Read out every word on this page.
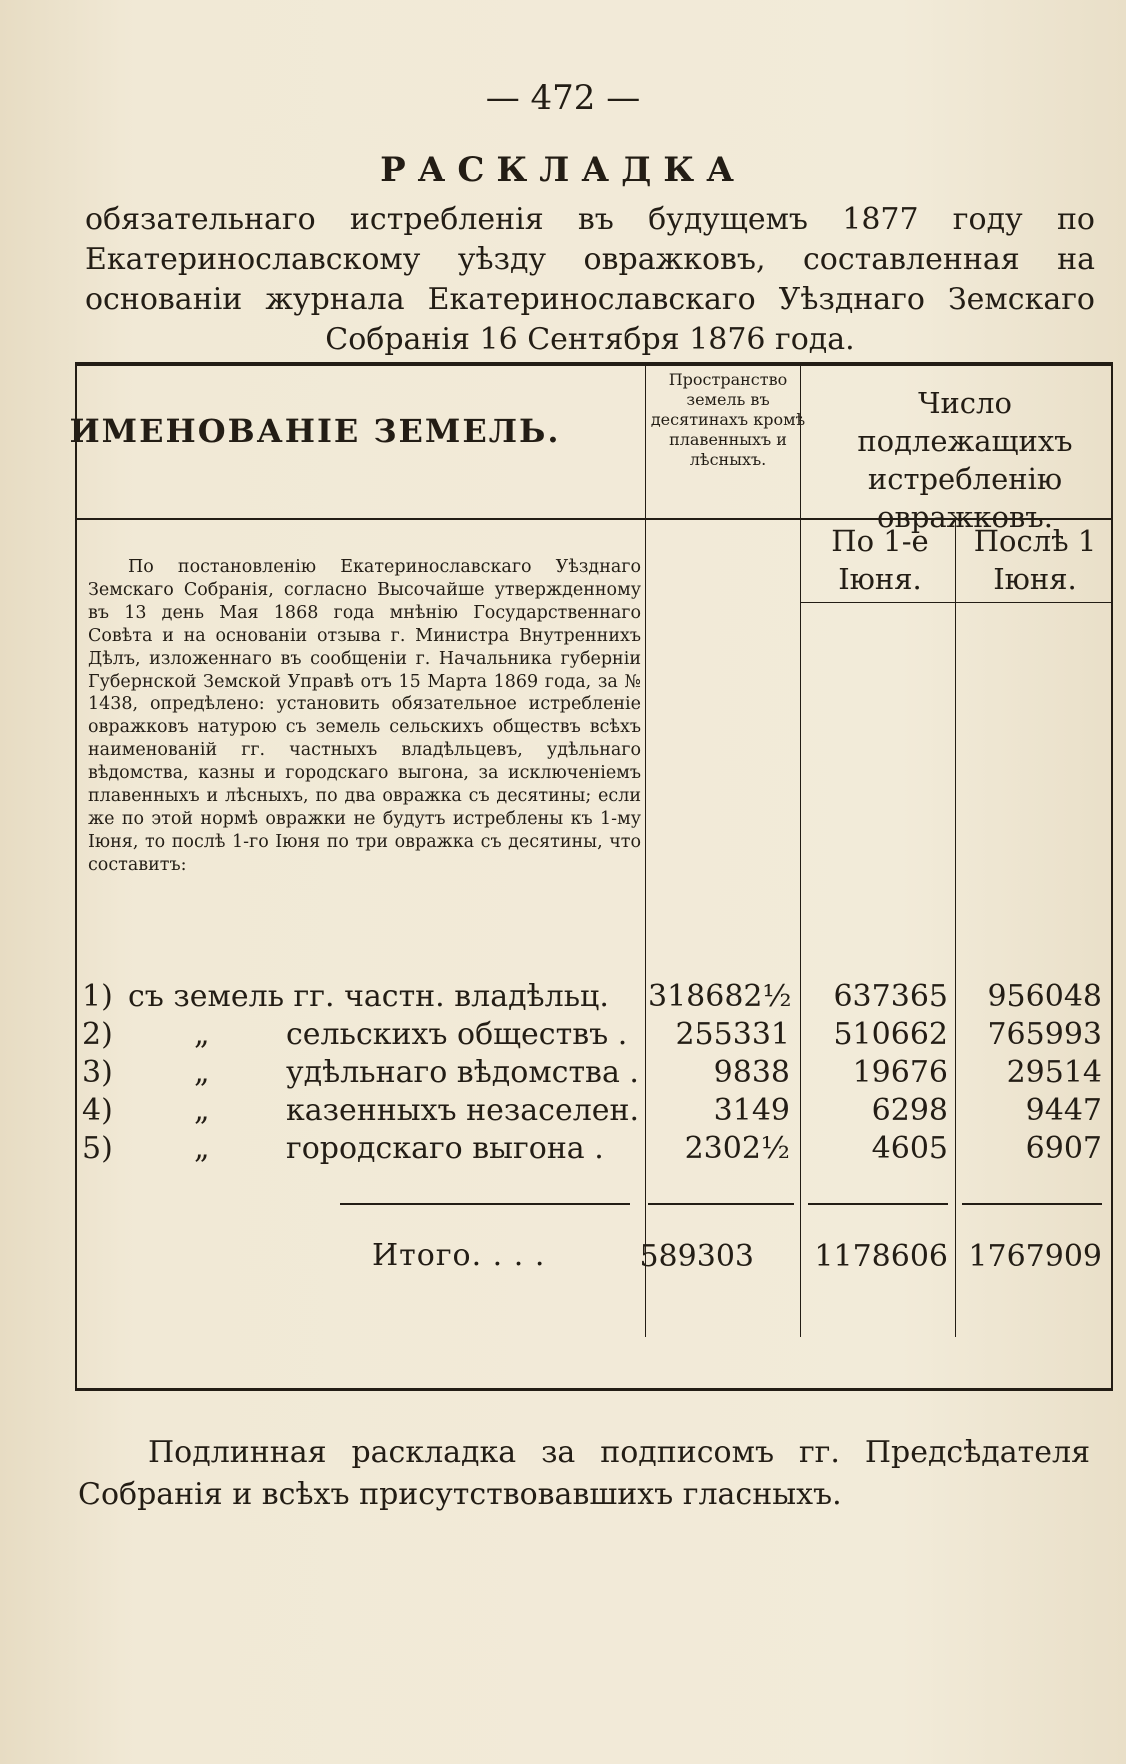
— 472 —
РАСКЛАДКА
обязательнаго истребленія въ будущемъ 1877 году по Екатеринославскому уѣзду овражковъ, составленная на основаніи журнала Екатеринославскаго Уѣзднаго Земскаго Собранія 16 Сентября 1876 года.
ИМЕНОВАНІЕ ЗЕМЕЛЬ.
Пространство земель въ десятинахъ кромѣ плавенныхъ и лѣсныхъ.
Число подлежащихъ истребленію овражковъ.
По 1-е Іюня.
Послѣ 1 Іюня.
По постановленію Екатеринославскаго Уѣзднаго Земскаго Собранія, согласно Высочайше утвержденному въ 13 день Мая 1868 года мнѣнію Государственнаго Совѣта и на основаніи отзыва г. Министра Внутреннихъ Дѣлъ, изложеннаго въ сообщеніи г. Начальника губерніи Губернской Земской Управѣ отъ 15 Марта 1869 года, за № 1438, опредѣлено: установить обязательное истребленіе овражковъ натурою съ земель сельскихъ обществъ всѣхъ наименованій гг. частныхъ владѣльцевъ, удѣльнаго вѣдомства, казны и городскаго выгона, за исключеніемъ плавенныхъ и лѣсныхъ, по два овражка съ десятины; если же по этой нормѣ овражки не будутъ истреблены къ 1-му Іюня, то послѣ 1-го Іюня по три овражка съ десятины, что составитъ:
1) съ земель гг. частн. владѣльц. 318682½	637365	956048
2)	„	сельскихъ обществъ .	255331	510662	765993
3)	„	удѣльнаго вѣдомства .	9838	19676	29514
4)	„	казенныхъ незаселен.	3149	6298	9447
5)	„	городскаго выгона .	2302½	4605	6907
Итого. . . .	589303 1178606 1767909
Подлинная раскладка за подписомъ гг. Предсѣдателя Собранія и всѣхъ присутствовавшихъ гласныхъ.
